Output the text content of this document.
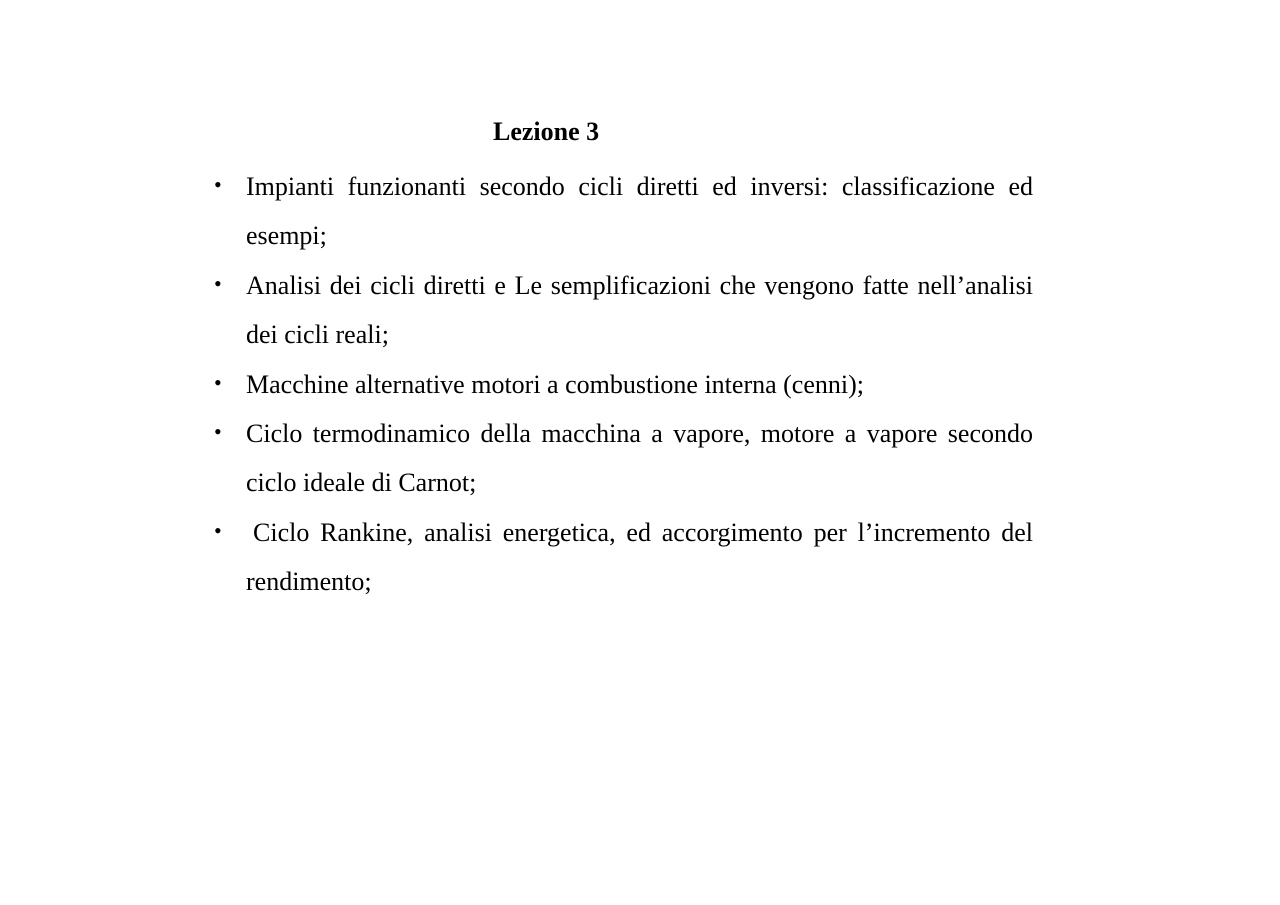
Lezione 3
• Impianti funzionanti secondo cicli diretti ed inversi: classificazione ed esempi;
• Analisi dei cicli diretti e Le semplificazioni che vengono fatte nell’analisi dei cicli reali;
• Macchine alternative motori a combustione interna (cenni);
• Ciclo termodinamico della macchina a vapore, motore a vapore secondo ciclo ideale di Carnot;
• Ciclo Rankine, analisi energetica, ed accorgimento per l’incremento del rendimento;
